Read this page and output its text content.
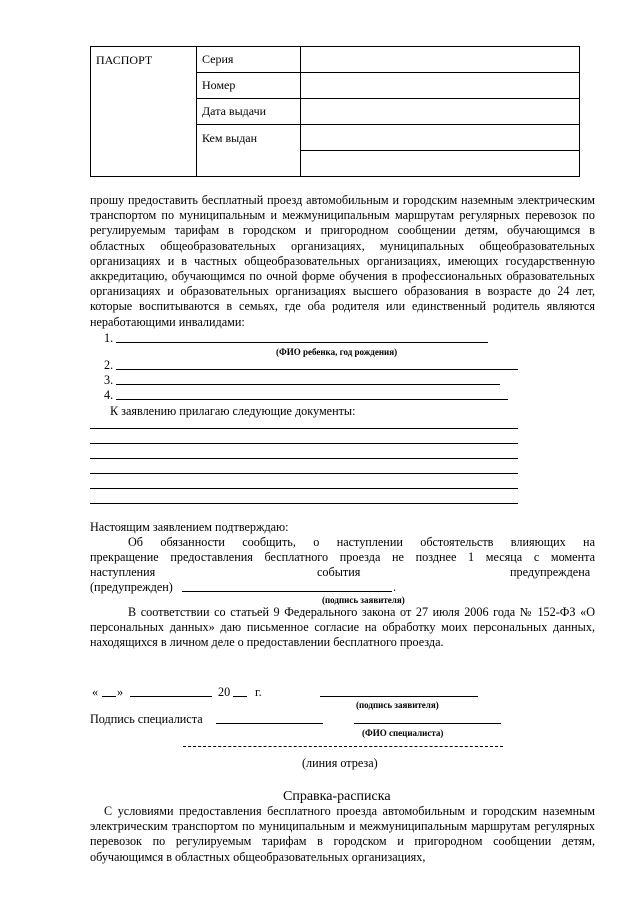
ПАСПОРТ	Серия	
	Номер	
	Дата выдачи	
	Кем выдан	

прошу предоставить бесплатный проезд автомобильным и городским наземным электрическим транспортом по муниципальным и межмуниципальным маршрутам регулярных перевозок по регулируемым тарифам в городском и пригородном сообщении детям, обучающимся в областных общеобразовательных организациях, муниципальных общеобразовательных организациях и в частных общеобразовательных организациях, имеющих государственную аккредитацию, обучающимся по очной форме обучения в профессиональных образовательных организациях и образовательных организациях высшего образования в возрасте до 24 лет, которые воспитываются в семьях, где оба родителя или единственный родитель являются неработающими инвалидами:
1.
(ФИО ребенка, год рождения)
2.
3.
4.
К заявлению прилагаю следующие документы:
Настоящим заявлением подтверждаю:
Об обязанности сообщить, о наступлении обстоятельств влияющих на
прекращение предоставления бесплатного проезда не позднее 1 месяца с момента
наступления	события	предупреждена
(предупрежден)	.
(подпись заявителя)
В соответствии со статьей 9 Федерального закона от 27 июля 2006 года № 152-ФЗ «О персональных данных» даю письменное согласие на обработку моих персональных данных, находящихся в личном деле о предоставлении бесплатного проезда.
« »	20 г.
(подпись заявителя)
Подпись специалиста
(ФИО специалиста)
(линия отреза)
Справка-расписка
С условиями предоставления бесплатного проезда автомобильным и городским наземным электрическим транспортом по муниципальным и межмуниципальным маршрутам регулярных перевозок по регулируемым тарифам в городском и пригородном сообщении детям, обучающимся в областных общеобразовательных организациях,
